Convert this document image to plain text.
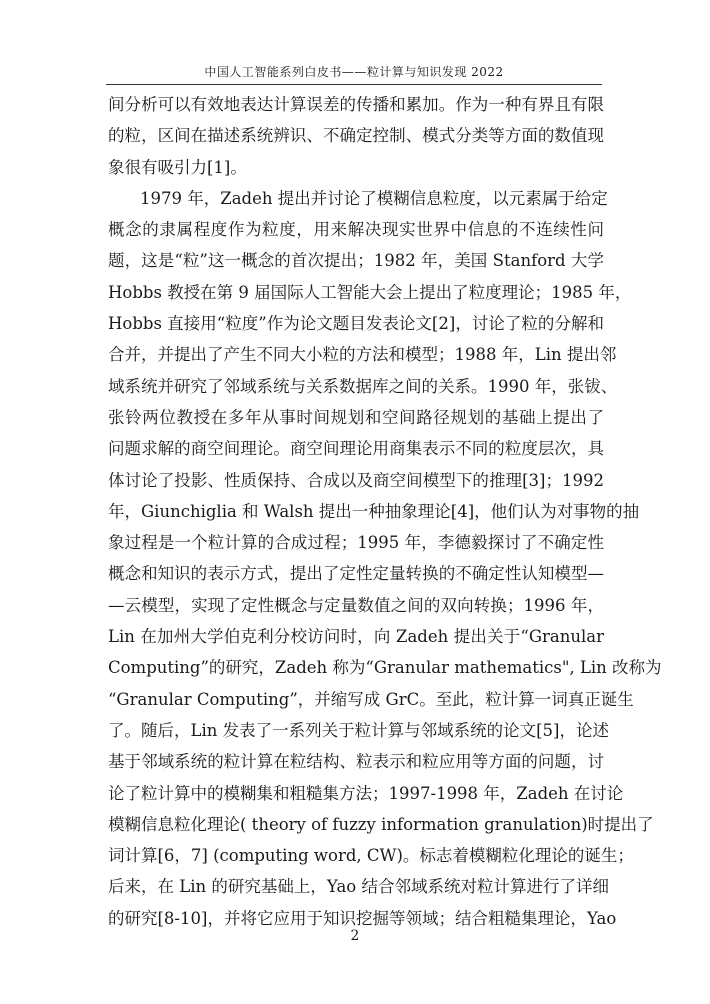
中国人工智能系列白皮书——粒计算与知识发现 2022
间分析可以有效地表达计算误差的传播和累加。作为一种有界且有限
的粒，区间在描述系统辨识、不确定控制、模式分类等方面的数值现
象很有吸引力[1]。
1979 年，Zadeh 提出并讨论了模糊信息粒度，以元素属于给定
概念的隶属程度作为粒度，用来解决现实世界中信息的不连续性问
题，这是“粒”这一概念的首次提出；1982 年，美国 Stanford 大学
Hobbs 教授在第 9 届国际人工智能大会上提出了粒度理论；1985 年，
Hobbs 直接用“粒度”作为论文题目发表论文[2]，讨论了粒的分解和
合并，并提出了产生不同大小粒的方法和模型；1988 年，Lin 提出邻
域系统并研究了邻域系统与关系数据库之间的关系。1990 年，张钹、
张铃两位教授在多年从事时间规划和空间路径规划的基础上提出了
问题求解的商空间理论。商空间理论用商集表示不同的粒度层次，具
体讨论了投影、性质保持、合成以及商空间模型下的推理[3]；1992
年，Giunchiglia 和 Walsh 提出一种抽象理论[4]，他们认为对事物的抽
象过程是一个粒计算的合成过程；1995 年，李德毅探讨了不确定性
概念和知识的表示方式，提出了定性定量转换的不确定性认知模型—
—云模型，实现了定性概念与定量数值之间的双向转换；1996 年，
Lin 在加州大学伯克利分校访问时，向 Zadeh 提出关于“Granular
Computing”的研究，Zadeh 称为“Granular mathematics", Lin 改称为
“Granular Computing”，并缩写成 GrC。至此，粒计算一词真正诞生
了。随后，Lin 发表了一系列关于粒计算与邻域系统的论文[5]，论述
基于邻域系统的粒计算在粒结构、粒表示和粒应用等方面的问题，讨
论了粒计算中的模糊集和粗糙集方法；1997-1998 年，Zadeh 在讨论
模糊信息粒化理论( theory of fuzzy information granulation)时提出了
词计算[6，7] (computing word, CW)。标志着模糊粒化理论的诞生；
后来，在 Lin 的研究基础上，Yao 结合邻域系统对粒计算进行了详细
的研究[8-10]，并将它应用于知识挖掘等领域；结合粗糙集理论，Yao
2
